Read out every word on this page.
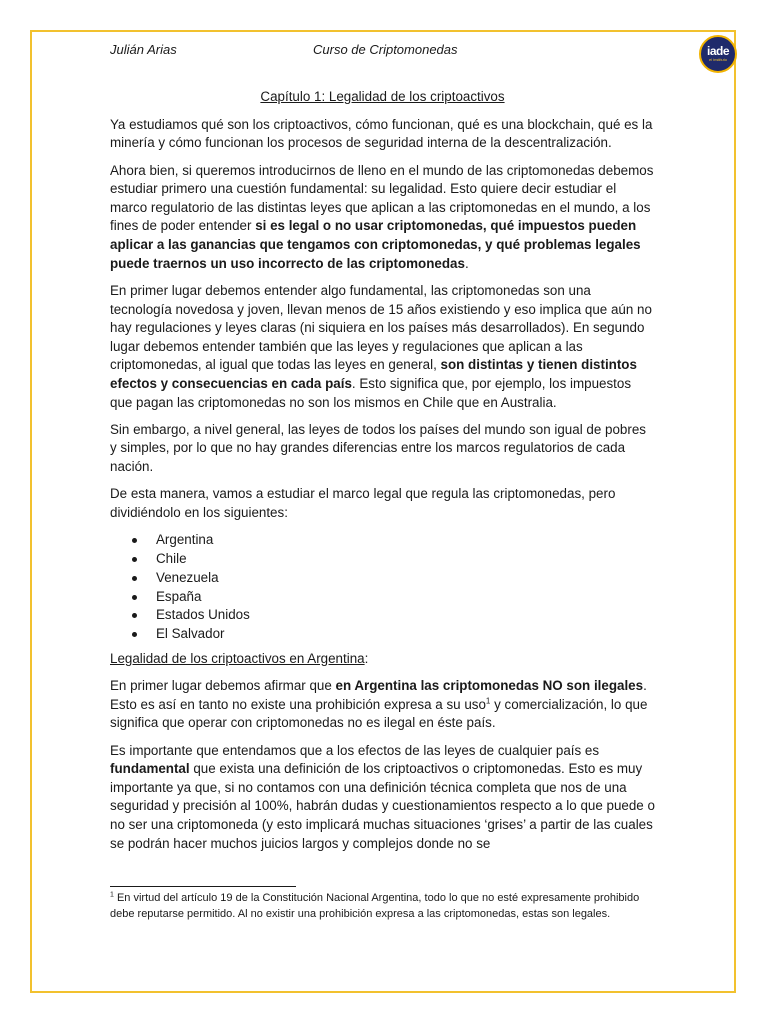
Julián Arias	Curso de Criptomonedas	iade
el instituto
Capítulo 1: Legalidad de los criptoactivos

Ya estudiamos qué son los criptoactivos, cómo funcionan, qué es una blockchain, qué es la minería y cómo funcionan los procesos de seguridad interna de la descentralización.

Ahora bien, si queremos introducirnos de lleno en el mundo de las criptomonedas debemos estudiar primero una cuestión fundamental: su legalidad. Esto quiere decir estudiar el marco regulatorio de las distintas leyes que aplican a las criptomonedas en el mundo, a los fines de poder entender si es legal o no usar criptomonedas, qué impuestos pueden aplicar a las ganancias que tengamos con criptomonedas, y qué problemas legales puede traernos un uso incorrecto de las criptomonedas.

En primer lugar debemos entender algo fundamental, las criptomonedas son una tecnología novedosa y joven, llevan menos de 15 años existiendo y eso implica que aún no hay regulaciones y leyes claras (ni siquiera en los países más desarrollados). En segundo lugar debemos entender también que las leyes y regulaciones que aplican a las criptomonedas, al igual que todas las leyes en general, son distintas y tienen distintos efectos y consecuencias en cada país. Esto significa que, por ejemplo, los impuestos que pagan las criptomonedas no son los mismos en Chile que en Australia.

Sin embargo, a nivel general, las leyes de todos los países del mundo son igual de pobres y simples, por lo que no hay grandes diferencias entre los marcos regulatorios de cada nación.

De esta manera, vamos a estudiar el marco legal que regula las criptomonedas, pero dividiéndolo en los siguientes:

Argentina
Chile
Venezuela
España
Estados Unidos
El Salvador

Legalidad de los criptoactivos en Argentina:

En primer lugar debemos afirmar que en Argentina las criptomonedas NO son ilegales. Esto es así en tanto no existe una prohibición expresa a su uso$^1$ y comercialización, lo que significa que operar con criptomonedas no es ilegal en éste país.

Es importante que entendamos que a los efectos de las leyes de cualquier país es fundamental que exista una definición de los criptoactivos o criptomonedas. Esto es muy importante ya que, si no contamos con una definición técnica completa que nos de una seguridad y precisión al 100%, habrán dudas y cuestionamientos respecto a lo que puede o no ser una criptomoneda (y esto implicará muchas situaciones ‘grises’ a partir de las cuales se podrán hacer muchos juicios largos y complejos donde no se

$^1$ En virtud del artículo 19 de la Constitución Nacional Argentina, todo lo que no esté expresamente prohibido debe reputarse permitido. Al no existir una prohibición expresa a las criptomonedas, estas son legales.
